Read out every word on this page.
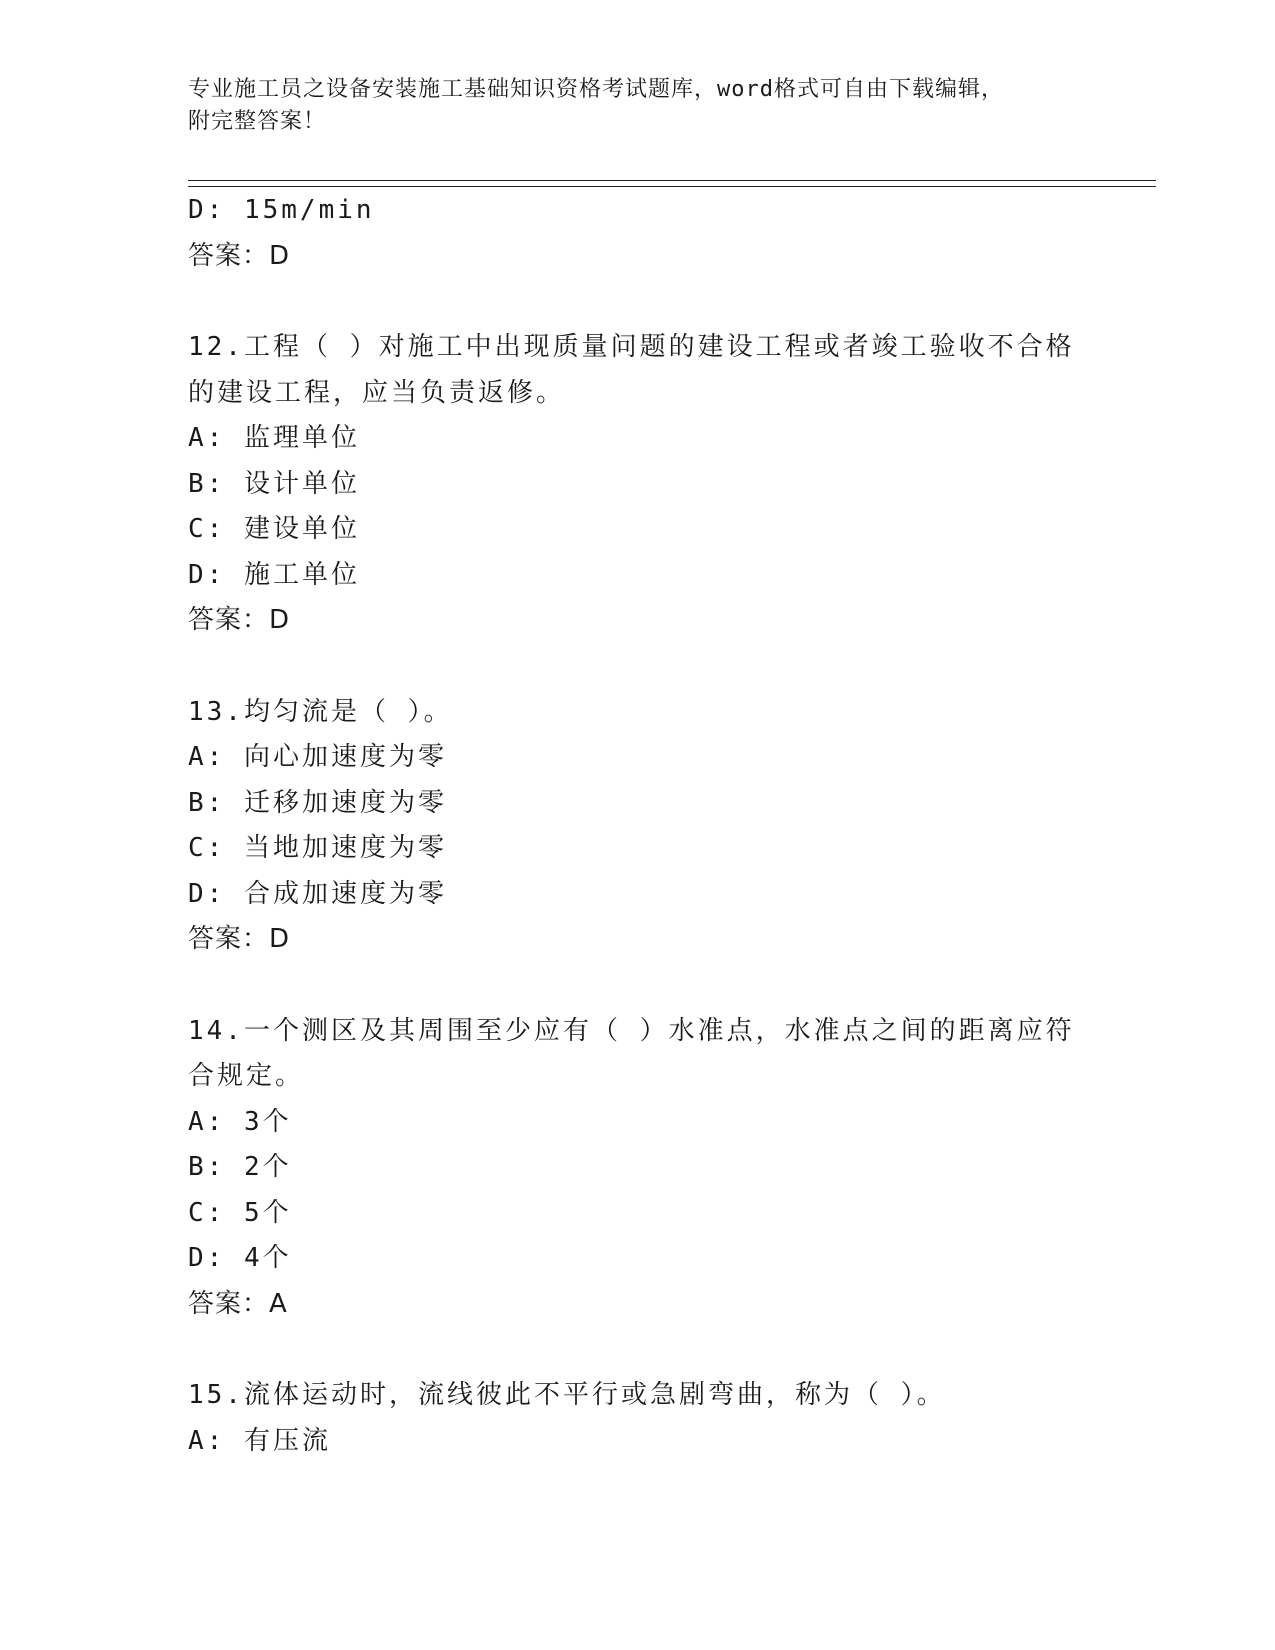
专业施工员之设备安装施工基础知识资格考试题库，word格式可自由下载编辑，
附完整答案！
D: 15m/min
答案：D
12.工程（ ）对施工中出现质量问题的建设工程或者竣工验收不合格
的建设工程，应当负责返修。
A: 监理单位
B: 设计单位
C: 建设单位
D: 施工单位
答案：D
13.均匀流是（ ）。
A: 向心加速度为零
B: 迁移加速度为零
C: 当地加速度为零
D: 合成加速度为零
答案：D
14.一个测区及其周围至少应有（ ）水准点，水准点之间的距离应符
合规定。
A: 3个
B: 2个
C: 5个
D: 4个
答案：A
15.流体运动时，流线彼此不平行或急剧弯曲，称为（ ）。
A: 有压流
